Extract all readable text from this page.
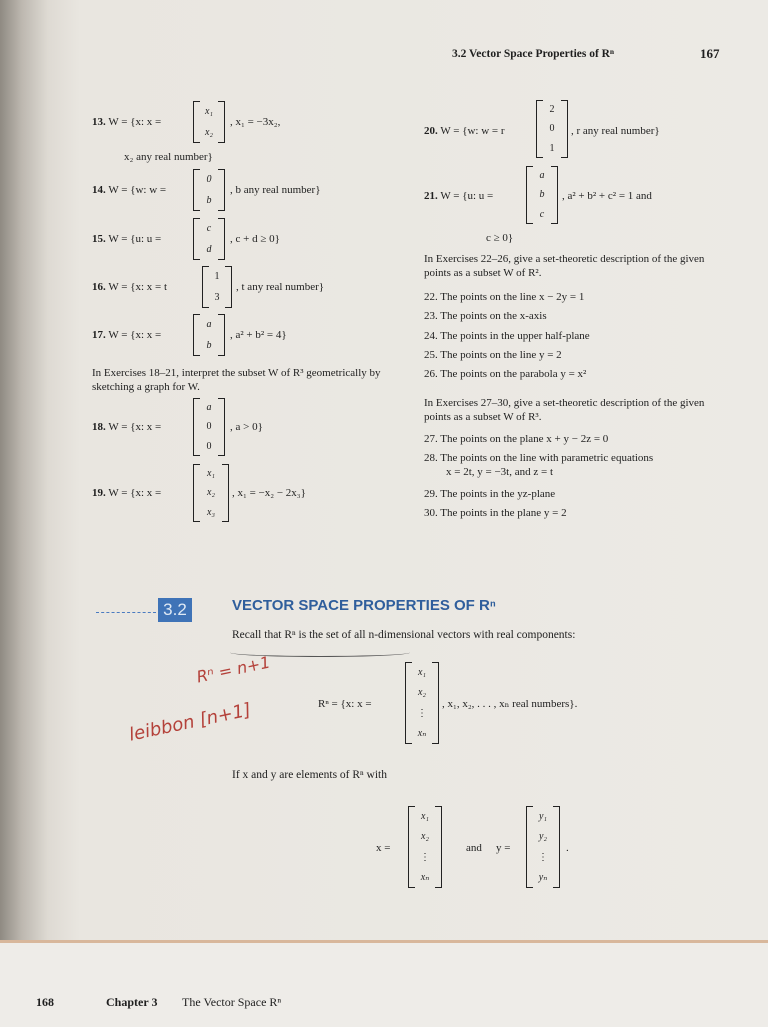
3.2 Vector Space Properties of Rⁿ	167
13. W = {x: x =
x₁
x₂
, x₁ = −3x₂,
x₂ any real number}
14. W = {w: w =
0
b
, b any real number}
15. W = {u: u =
c
d
, c + d ≥ 0}
16. W = {x: x = t
1
3
, t any real number}
17. W = {x: x =
a
b
, a² + b² = 4}
In Exercises 18–21, interpret the subset W of R³ geometrically by sketching a graph for W.
18. W = {x: x =
a
0
0
, a > 0}
19. W = {x: x =
x₁
x₂
x₃
, x₁ = −x₂ − 2x₃}
20. W = {w: w = r
2
0
1
, r any real number}
21. W = {u: u =
a
b
c
, a² + b² + c² = 1 and
c ≥ 0}
In Exercises 22–26, give a set-theoretic description of the given points as a subset W of R².
22. The points on the line x − 2y = 1
23. The points on the x-axis
24. The points in the upper half-plane
25. The points on the line y = 2
26. The points on the parabola y = x²
In Exercises 27–30, give a set-theoretic description of the given points as a subset W of R³.
27. The points on the plane x + y − 2z = 0
28. The points on the line with parametric equations
x = 2t, y = −3t, and z = t
29. The points in the yz-plane
30. The points in the plane y = 2
3.2	VECTOR SPACE PROPERTIES OF Rⁿ
Recall that Rⁿ is the set of all n-dimensional vectors with real components:
Rⁿ = {x: x =
x₁
x₂
⋮
xₙ
, x₁, x₂, . . . , xₙ real numbers}.
If x and y are elements of Rⁿ with
x =
x₁
x₂
⋮
xₙ
and y =
y₁
y₂
⋮
yₙ
.
Rⁿ = n+1
leibbon [n+1]
168	Chapter 3 The Vector Space Rⁿ
